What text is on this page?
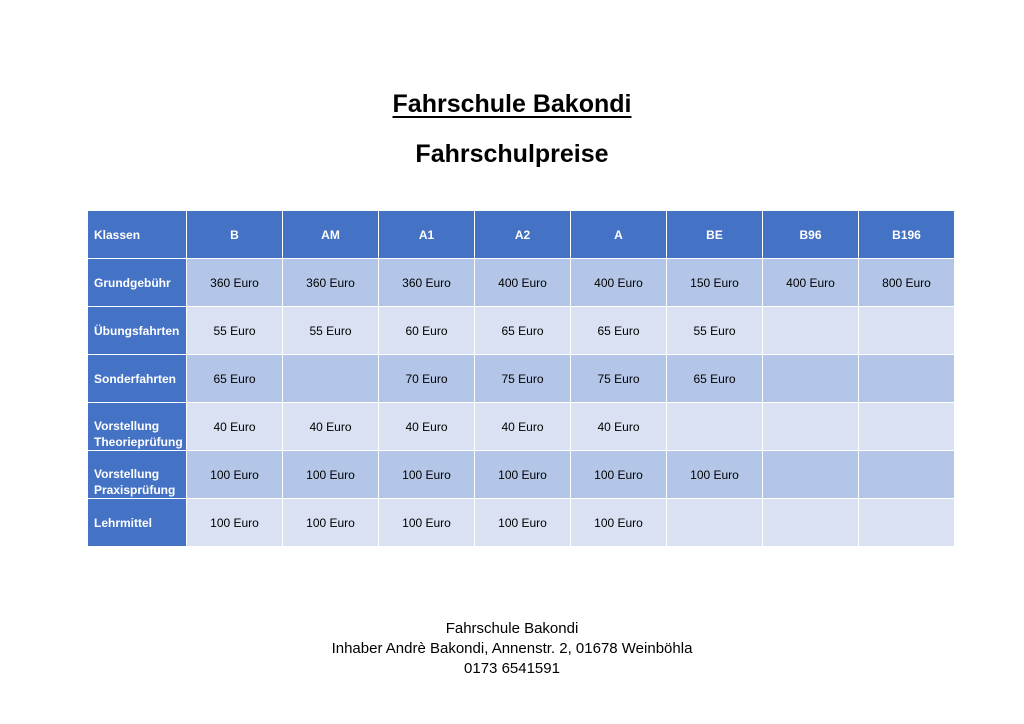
Fahrschule Bakondi
Fahrschulpreise
Klassen	B	AM	A1	A2	A	BE	B96	B196
Grundgebühr	360 Euro	360 Euro	360 Euro	400 Euro	400 Euro	150 Euro	400 Euro	800 Euro
Übungsfahrten	55 Euro	55 Euro	60 Euro	65 Euro	65 Euro	55 Euro		
Sonderfahrten	65 Euro		70 Euro	75 Euro	75 Euro	65 Euro		
Vorstellung
Theorieprüfung	40 Euro	40 Euro	40 Euro	40 Euro	40 Euro			
Vorstellung
Praxisprüfung	100 Euro	100 Euro	100 Euro	100 Euro	100 Euro	100 Euro		
Lehrmittel	100 Euro	100 Euro	100 Euro	100 Euro	100 Euro			
Fahrschule Bakondi
Inhaber Andrè Bakondi, Annenstr. 2, 01678 Weinböhla
0173 6541591
